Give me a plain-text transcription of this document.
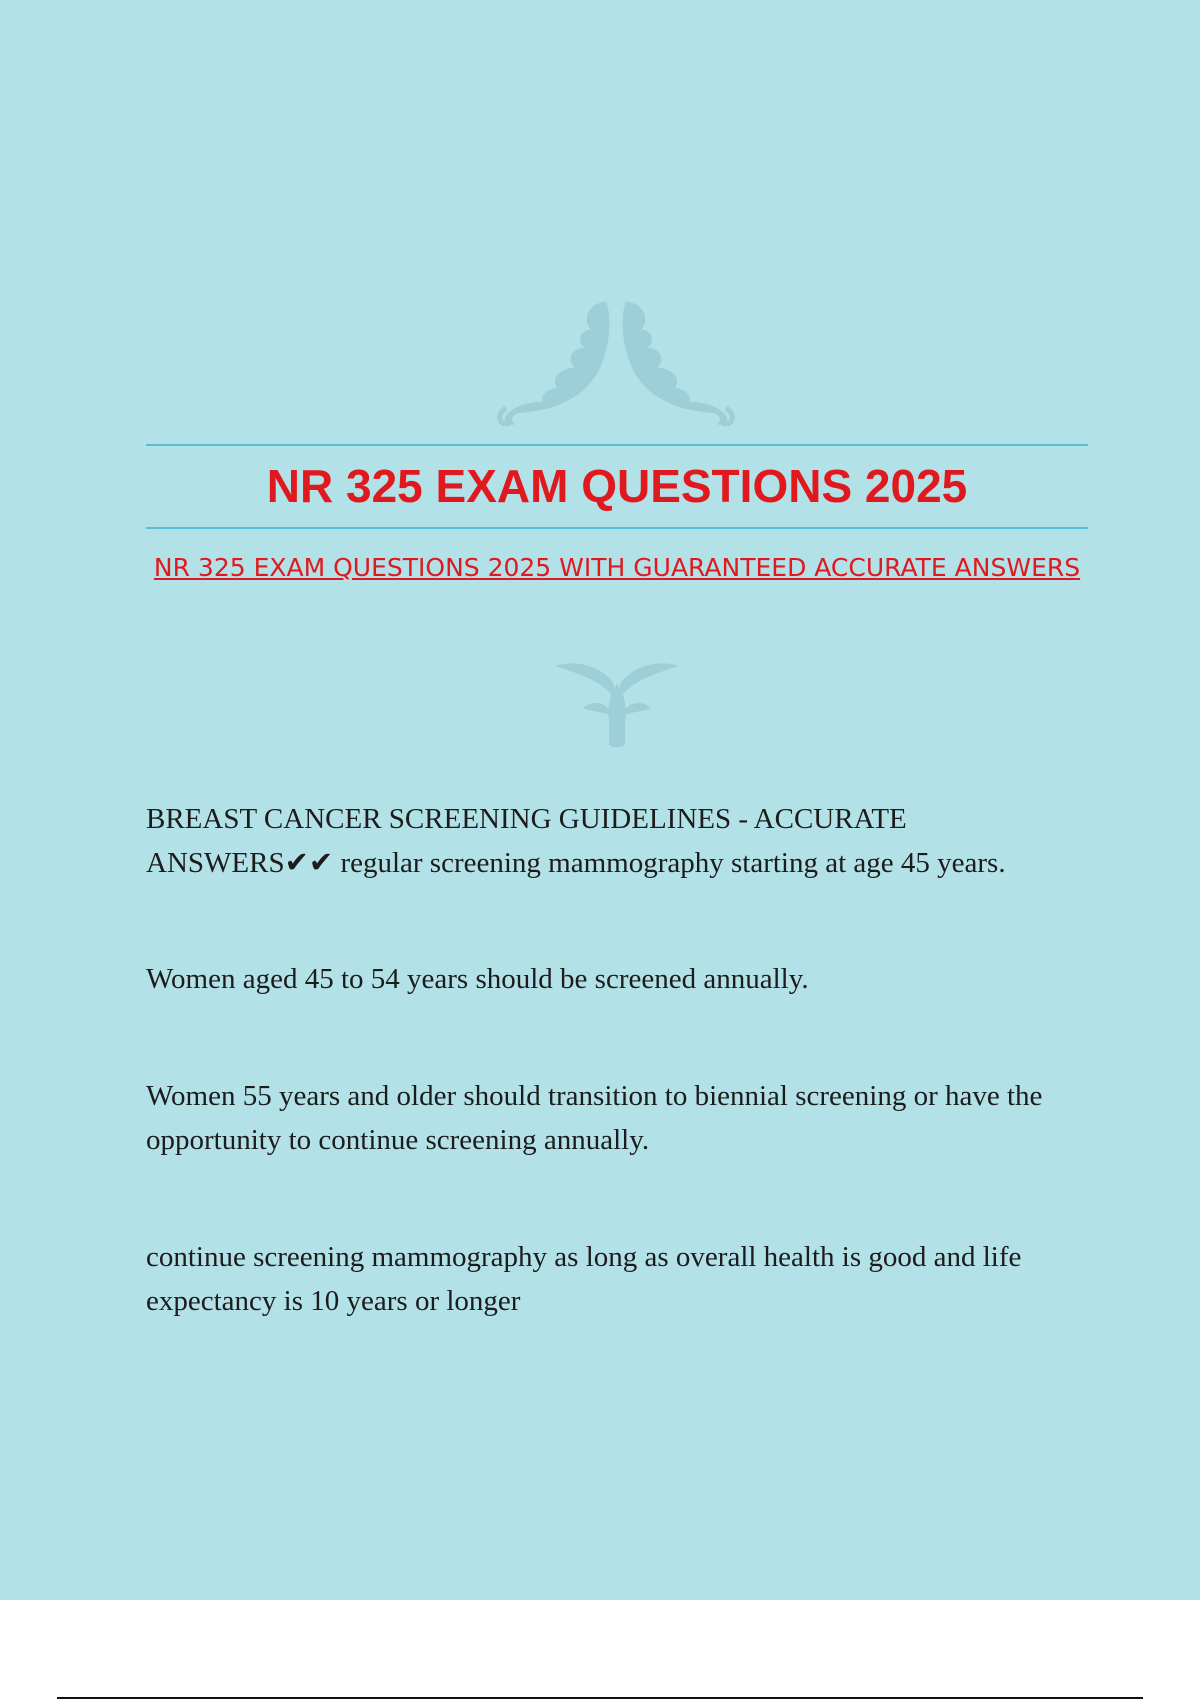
NR 325 EXAM QUESTIONS 2025
NR 325 EXAM QUESTIONS 2025 WITH GUARANTEED ACCURATE ANSWERS

BREAST CANCER SCREENING GUIDELINES - ACCURATE ANSWERS✔✔ regular screening mammography starting at age 45 years.

Women aged 45 to 54 years should be screened annually.

Women 55 years and older should transition to biennial screening or have the opportunity to continue screening annually.

continue screening mammography as long as overall health is good and life expectancy is 10 years or longer
